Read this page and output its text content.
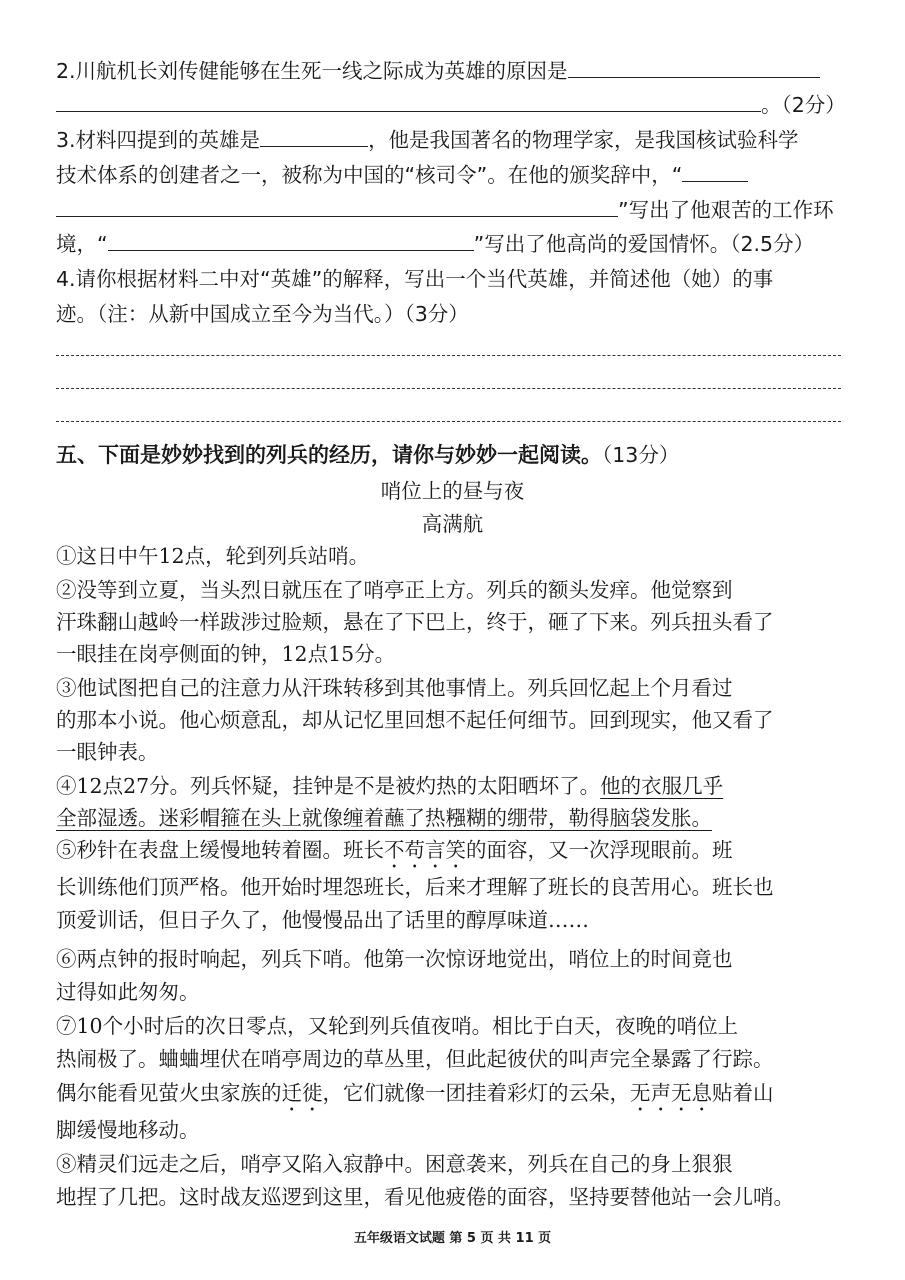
2.川航机长刘传健能够在生死一线之际成为英雄的原因是
。（2分）
3.材料四提到的英雄是	，他是我国著名的物理学家，是我国核试验科学
技术体系的创建者之一，被称为中国的“核司令”。在他的颁奖辞中，“
”写出了他艰苦的工作环
境，“	”写出了他高尚的爱国情怀。（2.5分）
4.请你根据材料二中对“英雄”的解释，写出一个当代英雄，并简述他（她）的事
迹。（注：从新中国成立至今为当代。）（3分）
五、下面是妙妙找到的列兵的经历，请你与妙妙一起阅读。（13分）
哨位上的昼与夜
高满航
①这日中午12点，轮到列兵站哨。
②没等到立夏，当头烈日就压在了哨亭正上方。列兵的额头发痒。他觉察到
汗珠翻山越岭一样跋涉过脸颊，悬在了下巴上，终于，砸了下来。列兵扭头看了
一眼挂在岗亭侧面的钟，12点15分。
③他试图把自己的注意力从汗珠转移到其他事情上。列兵回忆起上个月看过
的那本小说。他心烦意乱，却从记忆里回想不起任何细节。回到现实，他又看了
一眼钟表。
④12点27分。列兵怀疑，挂钟是不是被灼热的太阳晒坏了。他的衣服几乎
全部湿透。迷彩帽箍在头上就像缠着蘸了热糨糊的绷带，勒得脑袋发胀。
⑤秒针在表盘上缓慢地转着圈。班长不苟言笑的面容，又一次浮现眼前。班
长训练他们顶严格。他开始时埋怨班长，后来才理解了班长的良苦用心。班长也
顶爱训话，但日子久了，他慢慢品出了话里的醇厚味道……
⑥两点钟的报时响起，列兵下哨。他第一次惊讶地觉出，哨位上的时间竟也
过得如此匆匆。
⑦10个小时后的次日零点，又轮到列兵值夜哨。相比于白天，夜晚的哨位上
热闹极了。蛐蛐埋伏在哨亭周边的草丛里，但此起彼伏的叫声完全暴露了行踪。
偶尔能看见萤火虫家族的迁徙，它们就像一团挂着彩灯的云朵，无声无息贴着山
脚缓慢地移动。
⑧精灵们远走之后，哨亭又陷入寂静中。困意袭来，列兵在自己的身上狠狠
地捏了几把。这时战友巡逻到这里，看见他疲倦的面容，坚持要替他站一会儿哨。
五年级语文试题 第 5 页 共 11 页
